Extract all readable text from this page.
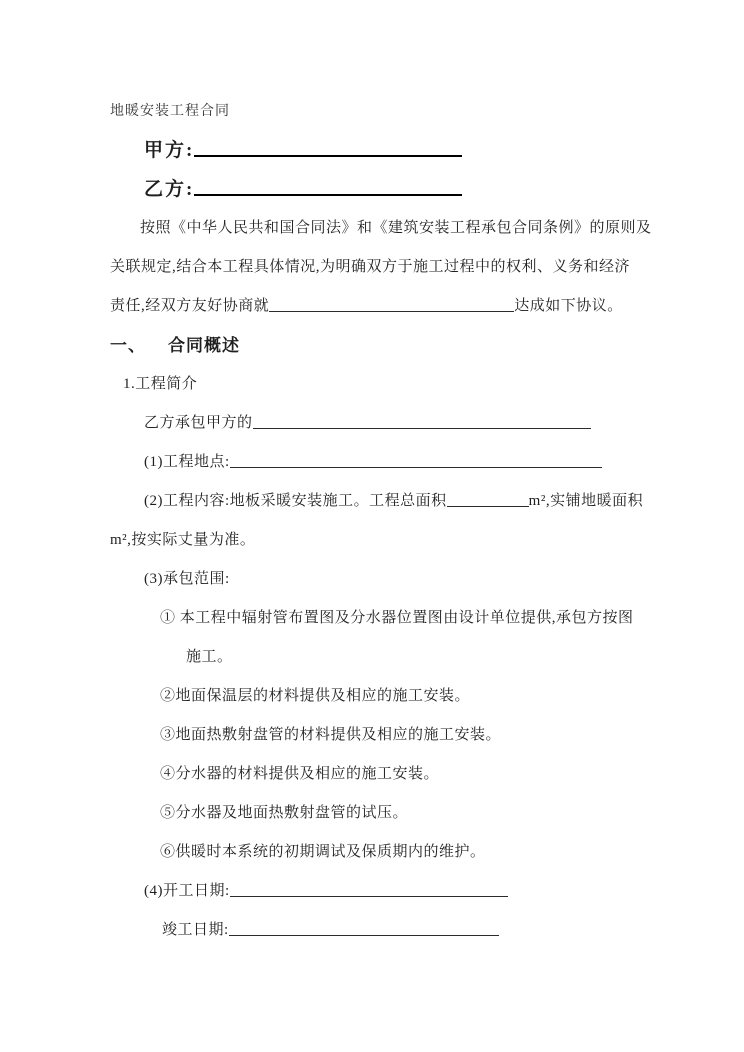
地暖安装工程合同
甲方:
乙方:
按照《中华人民共和国合同法》和《建筑安装工程承包合同条例》的原则及
关联规定,结合本工程具体情况,为明确双方于施工过程中的权利、义务和经济
责任,经双方友好协商就	达成如下协议。
一、 合同概述
1.工程简介
乙方承包甲方的
(1)工程地点:
(2)工程内容:地板采暖安装施工。工程总面积	m²,实铺地暖面积
m²,按实际丈量为准。
(3)承包范围:
① 本工程中辐射管布置图及分水器位置图由设计单位提供,承包方按图
施工。
②地面保温层的材料提供及相应的施工安装。
③地面热敷射盘管的材料提供及相应的施工安装。
④分水器的材料提供及相应的施工安装。
⑤分水器及地面热敷射盘管的试压。
⑥供暖时本系统的初期调试及保质期内的维护。
(4)开工日期:
竣工日期:
